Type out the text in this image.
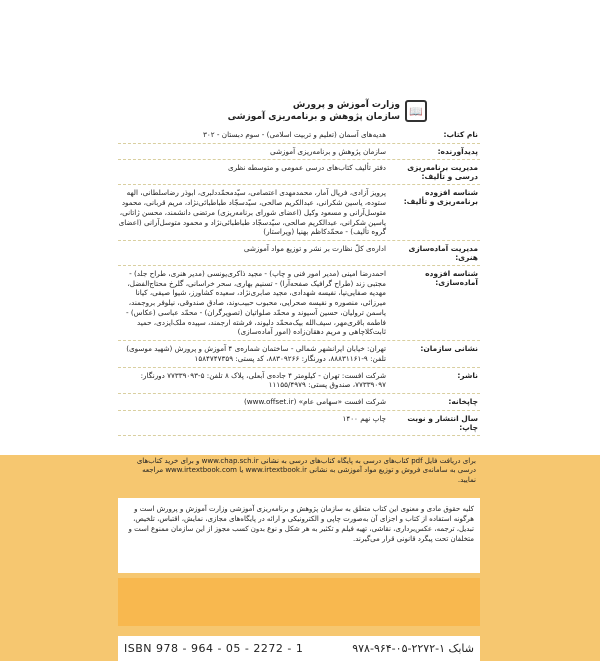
📖
وزارت آموزش و پرورش
سازمان پژوهش و برنامه‌ریزی آموزشی
نام کتاب:
هدیه‌های آسمان (تعلیم و تربیت اسلامی) - سوم دبستان - ۳۰۲
پدیدآورنده:
سازمان پژوهش و برنامه‌ریزی آموزشی
مدیریت برنامه‌ریزی درسی و تألیف:
دفتر تألیف کتاب‌های درسی عمومی و متوسطه نظری
شناسه افزوده برنامه‌ریزی و تألیف:
پرویز آزادی، فریال آمار، محمدمهدی اعتصامی، سیّدمحمّددلبری، ابوذر رضاسلطانی، الهه ستوده، یاسین شکرانی، عبدالکریم صالحی، سیّدسجّاد طباطبائی‌نژاد، مریم قربانی، محمود متوسل‌آرانی و مسعود وکیل (اعضای شورای برنامه‌ریزی) مرتضی دانشمند، محسن ژاتانی، یاسین شکرانی، عبدالکریم صالحی، سیّدسجّاد طباطبائی‌نژاد و محمود متوسل‌آرانی (اعضای گروه تألیف) - محمّدکاظم بهنیا (ویراستار)
مدیریت آماده‌سازی هنری:
اداره‌ی کلّ نظارت بر نشر و توزیع مواد آموزشی
شناسه افزوده آماده‌سازی:
احمدرضا امینی (مدیر امور فنی و چاپ) - مجید ذاکری‌یونسی (مدیر هنری، طراح جلد) - مجتبی زند (طراح گرافیک صفحه‌آرا) - تسنیم بهاری، سحر خراسانی، گلرخ محتاج‌الفضل، مهدیه صفایی‌نیا، نفیسه شهدادی، مجید صابری‌نژاد، سعیده کشاورز، شیوا صیفی، کیانا میرزائی، منصوره و نفیسه صحرایی، محبوب حبیب‌وند، صادق صندوقی، نیلوفر بروجمند، یاسمن ترولیان، حسین آسیوند و محمّد صلواتیان (تصویرگران) - محمّد عباسی (عکاس) - فاطمه باقری‌مهر، سیف‌الله بیک‌محمّد دلیوند، فرشته ارجمند، سپیده ملک‌ایزدی، حمید ثابت‌کلاچاهی و مریم دهقان‌زاده (امور آماده‌سازی)
نشانی سازمان:
تهران: خیابان ایرانشهر شمالی - ساختمان شماره‌ی ۴ آموزش و پرورش (شهید موسوی) تلفن: ۹-۸۸۸۳۱۱۶۱، دورنگار: ۸۸۳۰۹۲۶۶، کد پستی: ۱۵۸۴۷۴۷۳۵۹
ناشر:
شرکت افست: تهران - کیلومتر ۴ جاده‌ی آبعلی، پلاک ۸ تلفن: ۵-۷۷۳۳۹۰۹۳ دورنگار: ۷۷۳۳۹۰۹۷، صندوق پستی: ۱۱۱۵۵/۴۹۷۹
چاپخانه:
شرکت افست «سهامی عام» (www.offset.ir)
سال انتشار و نوبت چاپ:
چاپ نهم ۱۴۰۰
برای دریافت فایل pdf کتاب‌های درسی به پایگاه کتاب‌های درسی به نشانی www.chap.sch.ir و برای خرید کتاب‌های درسی به سامانه‌ی فروش و توزیع مواد آموزشی به نشانی www.irtextbook.ir یا www.irtextbook.com مراجعه نمایید.
کلیه حقوق مادی و معنوی این کتاب متعلق به سازمان پژوهش و برنامه‌ریزی آموزشی وزارت آموزش و پرورش است و هرگونه استفاده از کتاب و اجزای آن به‌صورت چاپی و الکترونیکی و ارائه در پایگاه‌های مجازی، نمایش، اقتباس، تلخیص، تبدیل، ترجمه، عکس‌برداری، نقاشی، تهیه فیلم و تکثیر به هر شکل و نوع بدون کسب مجوز از این سازمان ممنوع است و متخلفان تحت پیگرد قانونی قرار می‌گیرند.
ISBN 978 - 964 - 05 - 2272 - 1	شابک ۱-۲۲۷۲-۰۵-۹۶۴-۹۷۸
